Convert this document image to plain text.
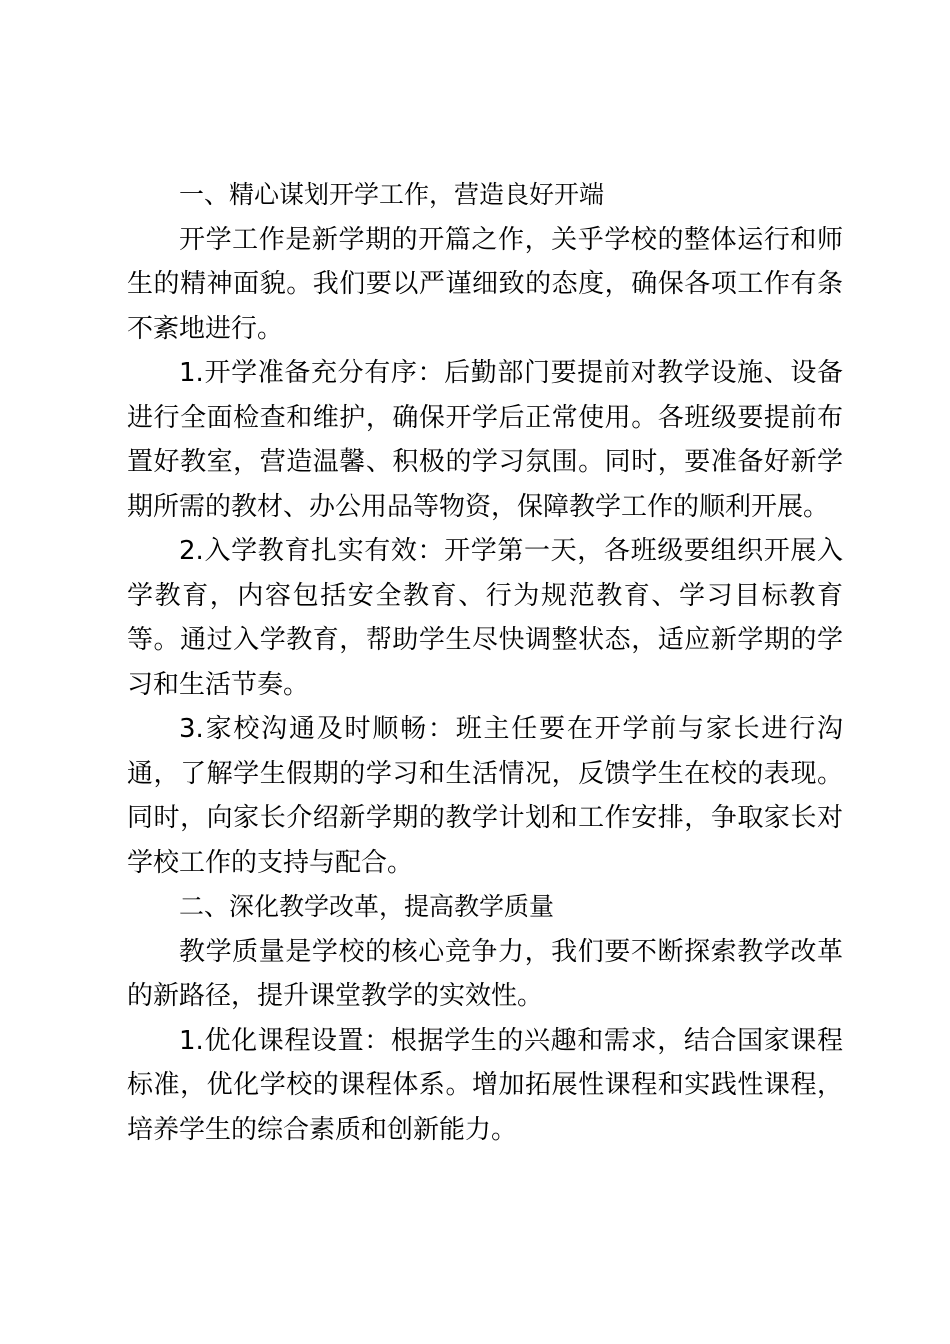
一、精心谋划开学工作，营造良好开端

开学工作是新学期的开篇之作，关乎学校的整体运行和师生的精神面貌。我们要以严谨细致的态度，确保各项工作有条不紊地进行。

1.开学准备充分有序：后勤部门要提前对教学设施、设备进行全面检查和维护，确保开学后正常使用。各班级要提前布置好教室，营造温馨、积极的学习氛围。同时，要准备好新学期所需的教材、办公用品等物资，保障教学工作的顺利开展。

2.入学教育扎实有效：开学第一天，各班级要组织开展入学教育，内容包括安全教育、行为规范教育、学习目标教育等。通过入学教育，帮助学生尽快调整状态，适应新学期的学习和生活节奏。

3.家校沟通及时顺畅：班主任要在开学前与家长进行沟通，了解学生假期的学习和生活情况，反馈学生在校的表现。同时，向家长介绍新学期的教学计划和工作安排，争取家长对学校工作的支持与配合。

二、深化教学改革，提高教学质量

教学质量是学校的核心竞争力，我们要不断探索教学改革的新路径，提升课堂教学的实效性。

1.优化课程设置：根据学生的兴趣和需求，结合国家课程标准，优化学校的课程体系。增加拓展性课程和实践性课程，培养学生的综合素质和创新能力。
